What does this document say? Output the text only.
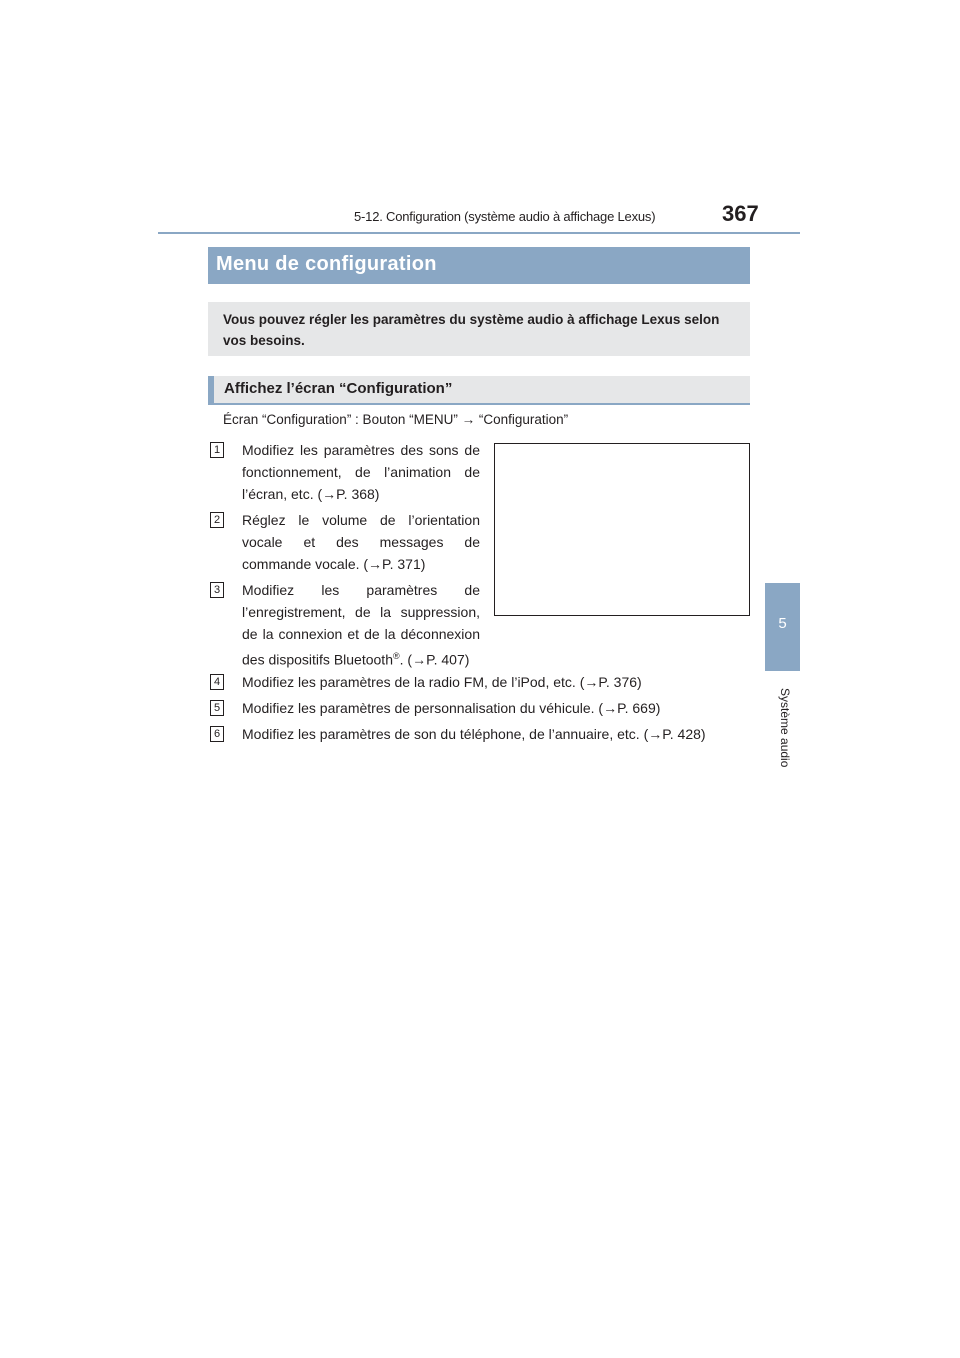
5-12. Configuration (système audio à affichage Lexus)	367
5
Système audio
Menu de configuration
Vous pouvez régler les paramètres du système audio à affichage Lexus selon vos besoins.
Affichez l’écran “Configuration”
Écran “Configuration” : Bouton “MENU” → “Configuration”
1 Modifiez les paramètres des sons de fonctionnement, de l’animation de l’écran, etc. (→P. 368)
2 Réglez le volume de l’orientation vocale et des messages de commande vocale. (→P. 371)
3 Modifiez les paramètres de l’enregistrement, de la suppression, de la connexion et de la déconnexion des dispositifs Bluetooth®. (→P. 407)
4 Modifiez les paramètres de la radio FM, de l’iPod, etc. (→P. 376)
5 Modifiez les paramètres de personnalisation du véhicule. (→P. 669)
6 Modifiez les paramètres de son du téléphone, de l’annuaire, etc. (→P. 428)
